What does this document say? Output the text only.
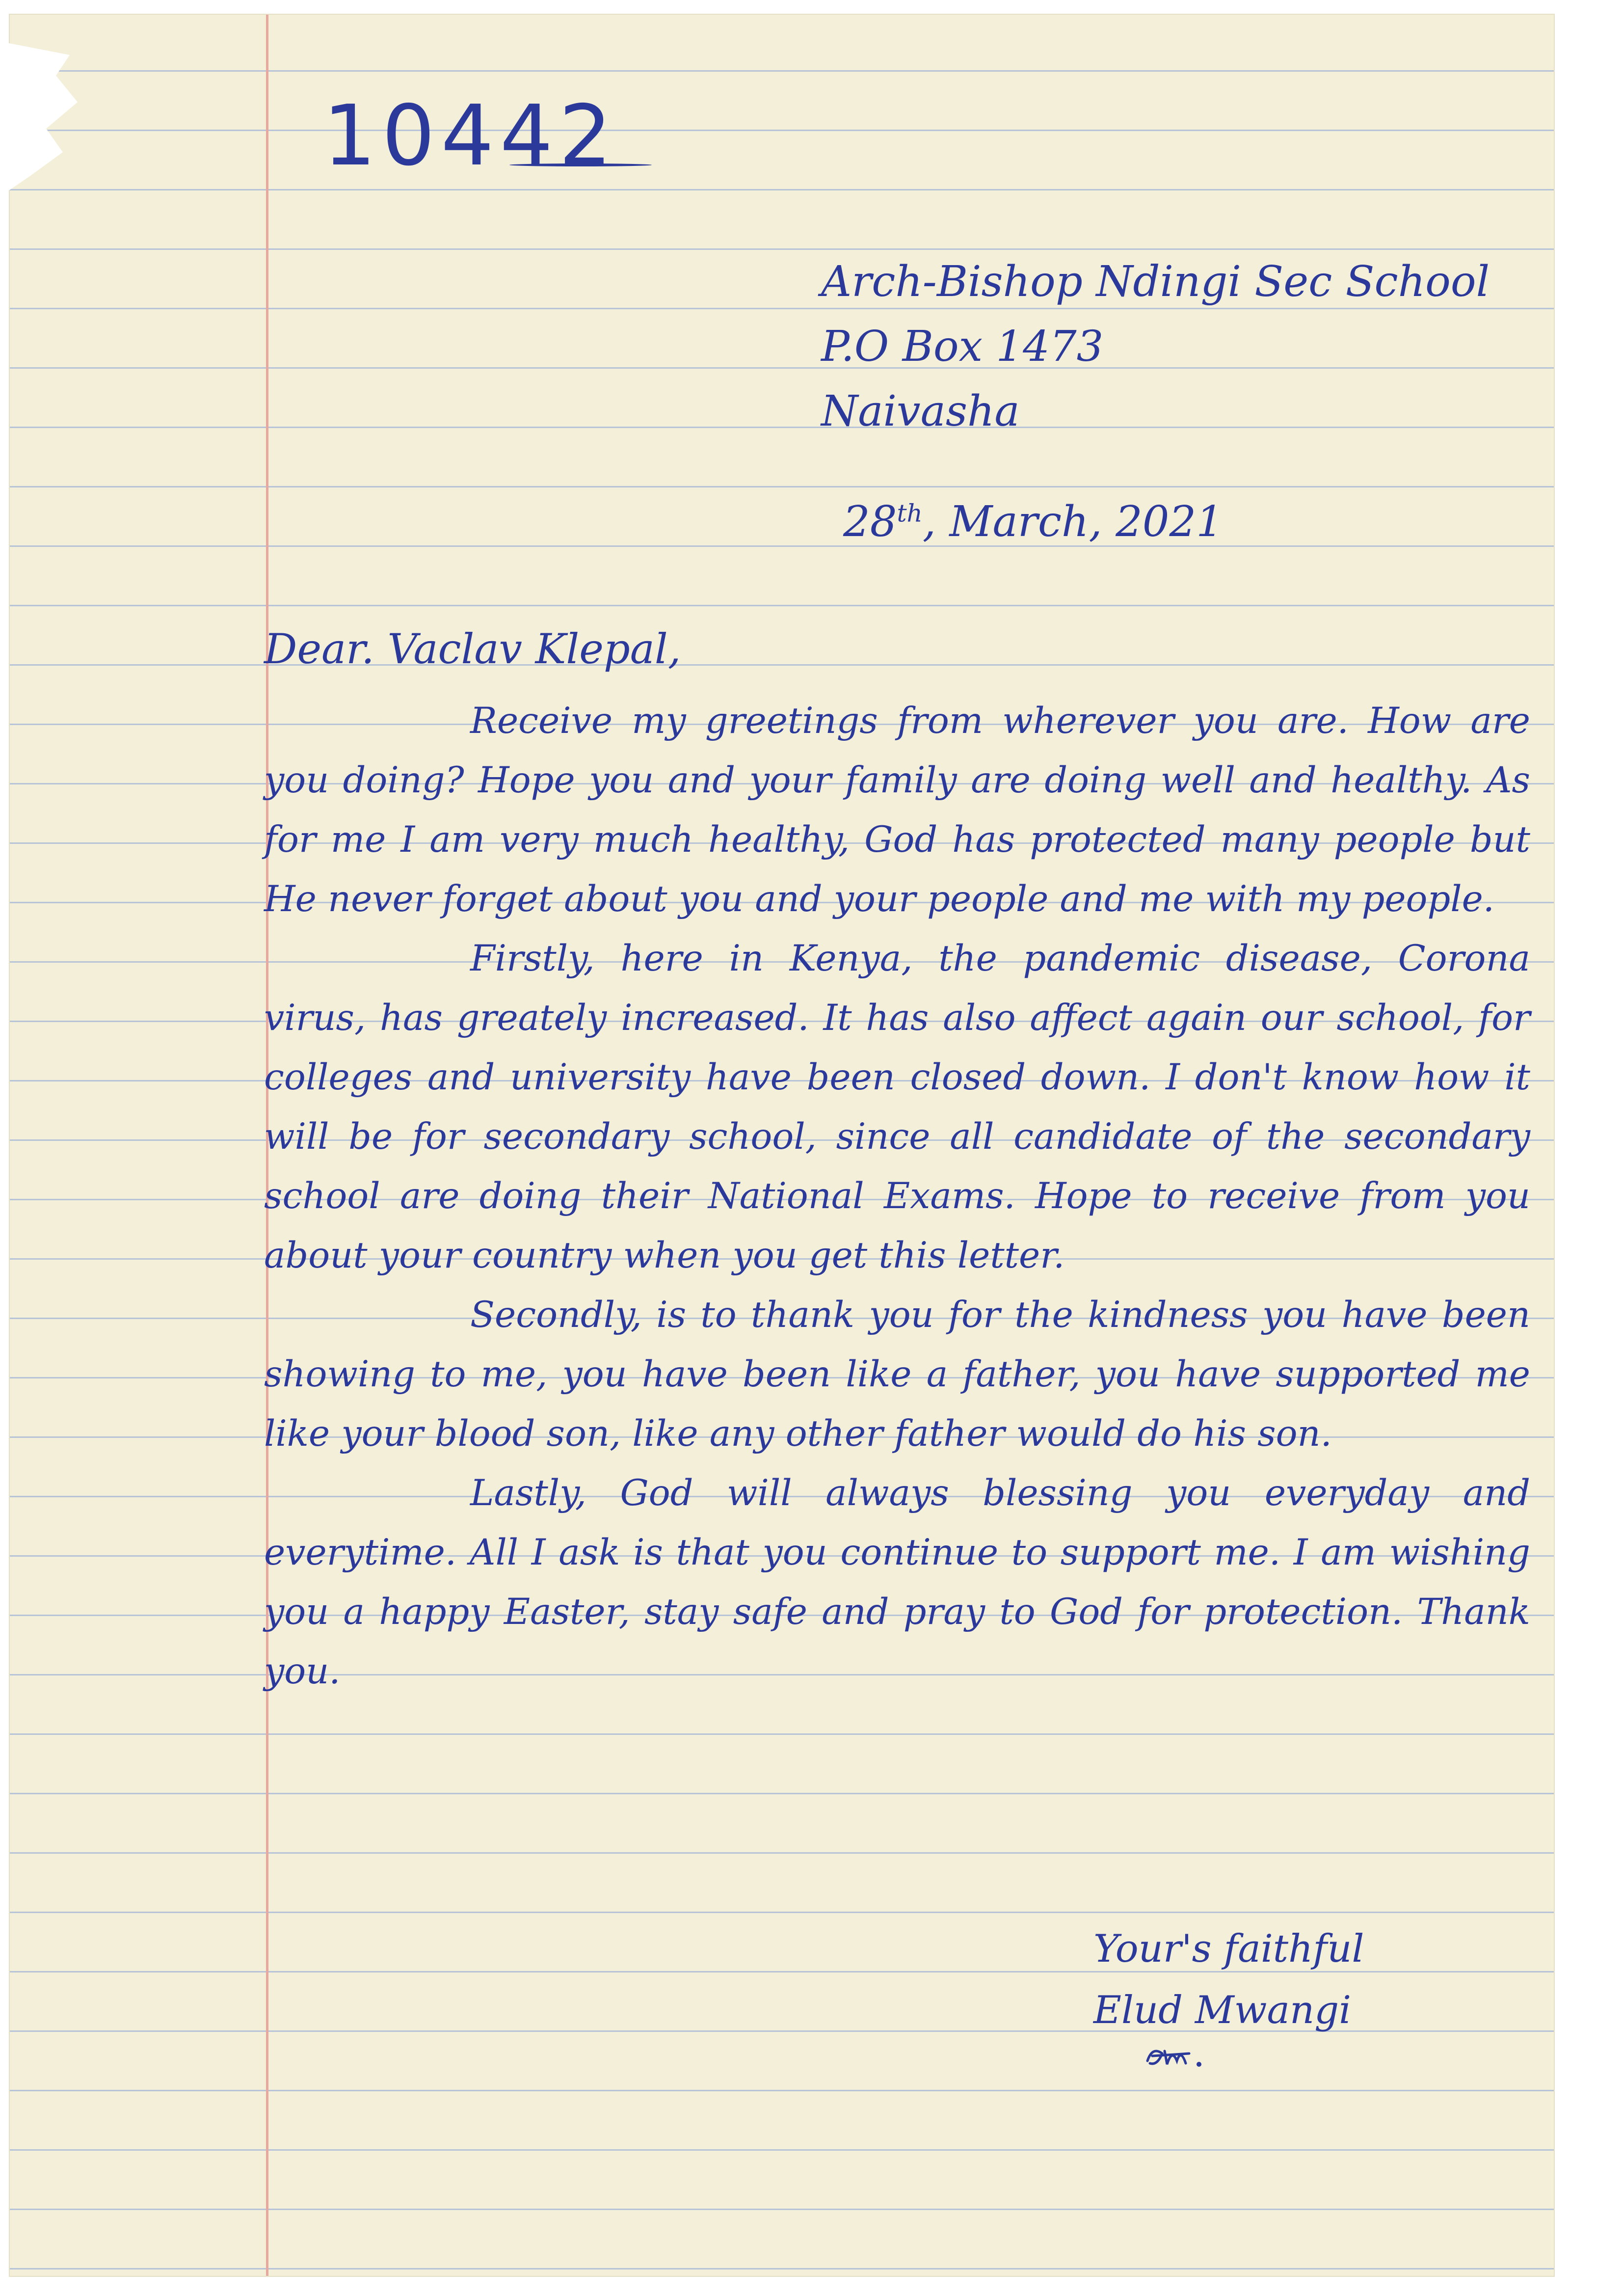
10442
Arch-Bishop Ndingi Sec School
P.O Box 1473
Naivasha
28th, March, 2021
Dear. Vaclav Klepal,

Receive my greetings from wherever you are. How are you doing? Hope you and your family are doing well and healthy. As for me I am very much healthy, God has protected many people but He never forget about you and your people and me with my people.

Firstly, here in Kenya, the pandemic disease, Corona virus, has greately increased. It has also affect again our school, for colleges and university have been closed down. I don't know how it will be for secondary school, since all candidate of the secondary school are doing their National Exams. Hope to receive from you about your country when you get this letter.

Secondly, is to thank you for the kindness you have been showing to me, you have been like a father, you have supported me like your blood son, like any other father would do his son.

Lastly, God will always blessing you everyday and everytime. All I ask is that you continue to support me. I am wishing you a happy Easter, stay safe and pray to God for protection. Thank you.

Your's faithful
Elud Mwangi
